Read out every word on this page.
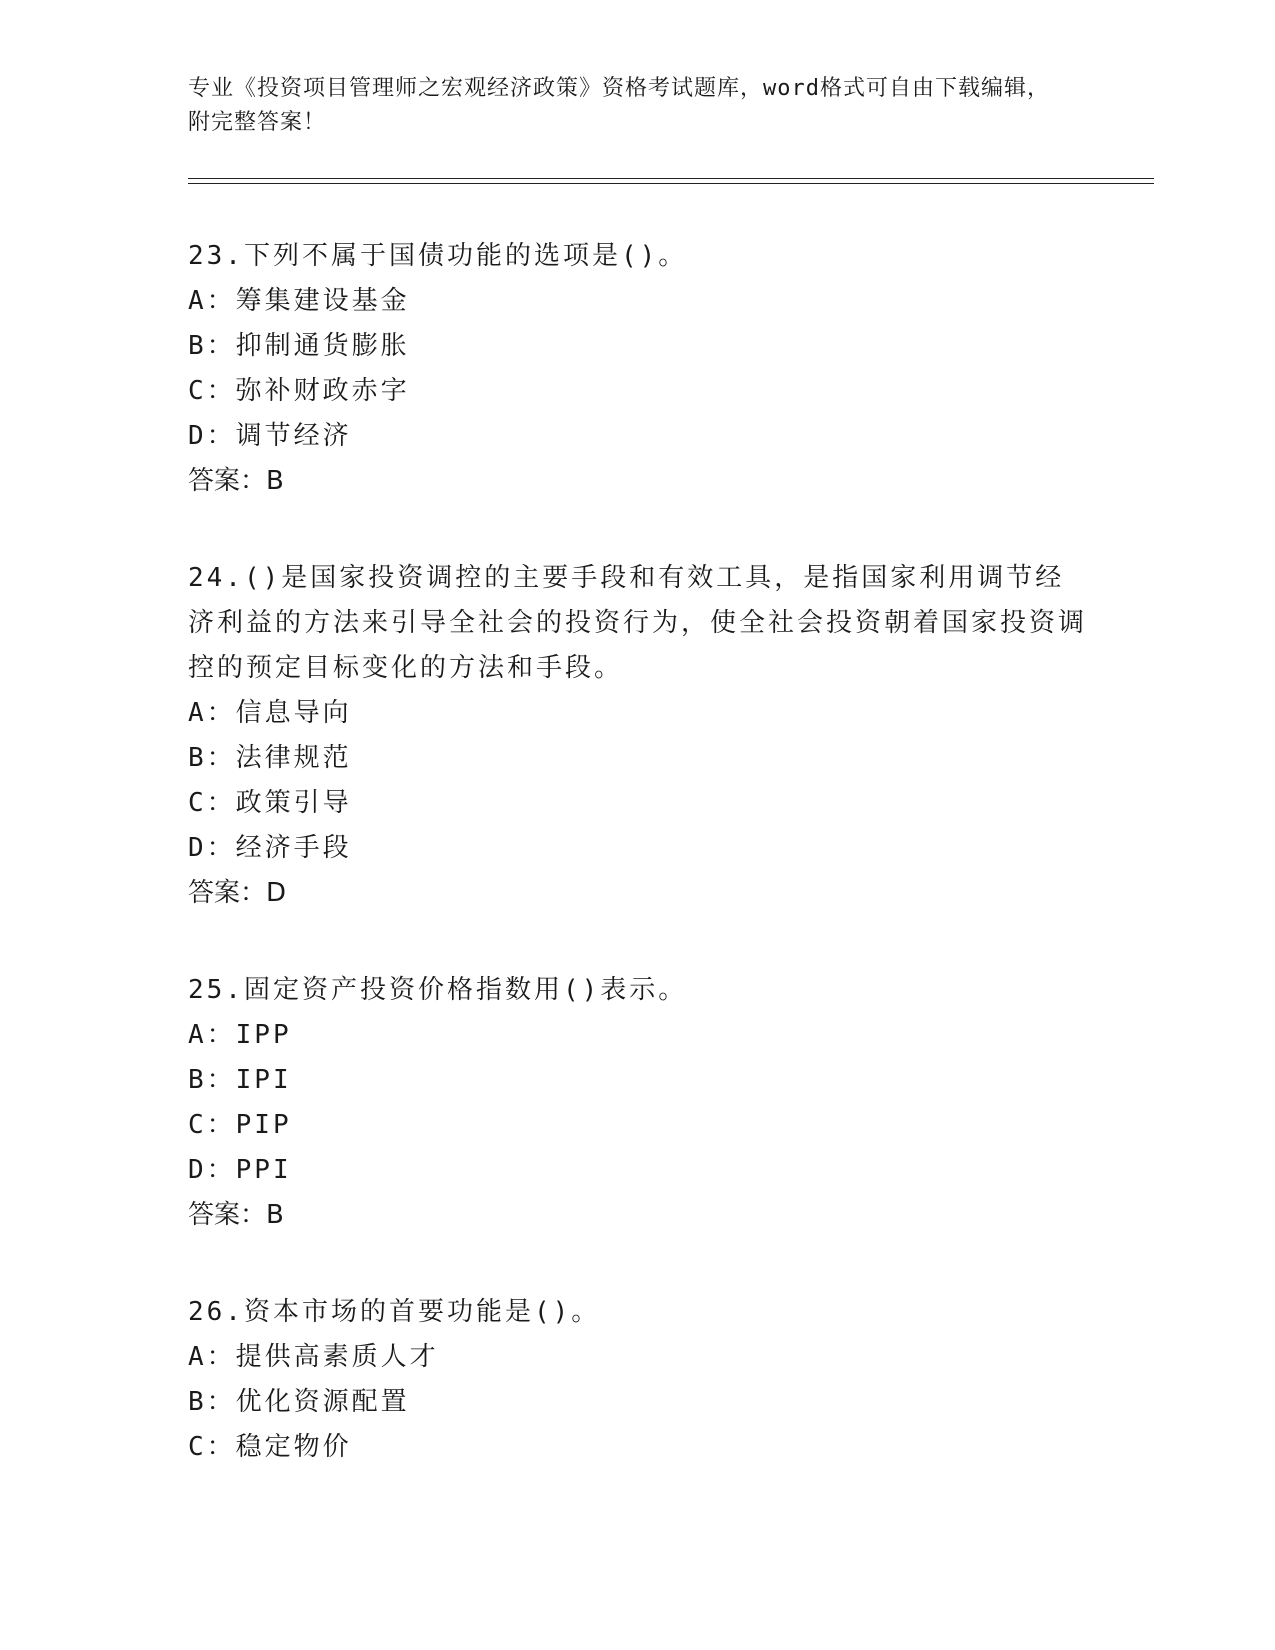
专业《投资项目管理师之宏观经济政策》资格考试题库，word格式可自由下载编辑，附完整答案！

23.下列不属于国债功能的选项是()。

A：筹集建设基金

B：抑制通货膨胀

C：弥补财政赤字

D：调节经济

答案：B

24.()是国家投资调控的主要手段和有效工具，是指国家利用调节经济利益的方法来引导全社会的投资行为，使全社会投资朝着国家投资调控的预定目标变化的方法和手段。

A：信息导向

B：法律规范

C：政策引导

D：经济手段

答案：D

25.固定资产投资价格指数用()表示。

A：IPP

B：IPI

C：PIP

D：PPI

答案：B

26.资本市场的首要功能是()。

A：提供高素质人才

B：优化资源配置

C：稳定物价
